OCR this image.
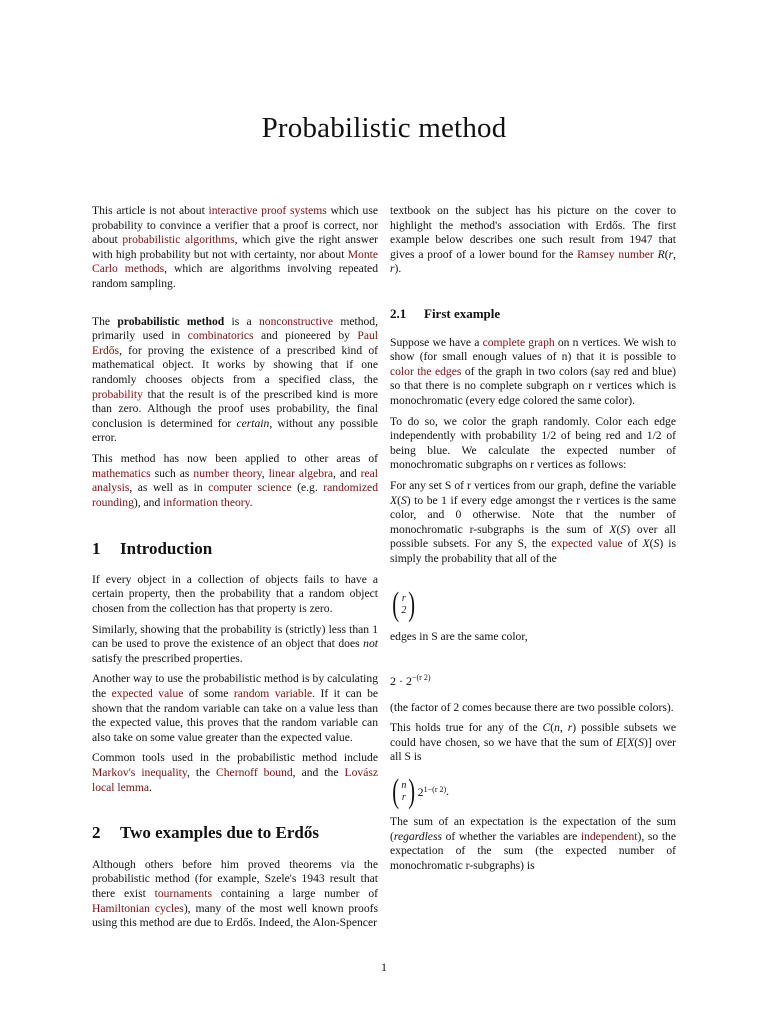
Probabilistic method

This article is not about interactive proof systems which use probability to convince a verifier that a proof is correct, nor about probabilistic algorithms, which give the right answer with high probability but not with certainty, nor about Monte Carlo methods, which are algorithms involving repeated random sampling.

The probabilistic method is a nonconstructive method, primarily used in combinatorics and pioneered by Paul Erdős, for proving the existence of a prescribed kind of mathematical object. It works by showing that if one randomly chooses objects from a specified class, the probability that the result is of the prescribed kind is more than zero. Although the proof uses probability, the final conclusion is determined for certain, without any possible error.

This method has now been applied to other areas of mathematics such as number theory, linear algebra, and real analysis, as well as in computer science (e.g. randomized rounding), and information theory.

1 Introduction

If every object in a collection of objects fails to have a certain property, then the probability that a random object chosen from the collection has that property is zero.

Similarly, showing that the probability is (strictly) less than 1 can be used to prove the existence of an object that does not satisfy the prescribed properties.

Another way to use the probabilistic method is by calculating the expected value of some random variable. If it can be shown that the random variable can take on a value less than the expected value, this proves that the random variable can also take on some value greater than the expected value.

Common tools used in the probabilistic method include Markov's inequality, the Chernoff bound, and the Lovász local lemma.

2 Two examples due to Erdős

Although others before him proved theorems via the probabilistic method (for example, Szele's 1943 result that there exist tournaments containing a large number of Hamiltonian cycles), many of the most well known proofs using this method are due to Erdős. Indeed, the Alon-Spencer

textbook on the subject has his picture on the cover to highlight the method's association with Erdős. The first example below describes one such result from 1947 that gives a proof of a lower bound for the Ramsey number R(r, r).

2.1 First example

Suppose we have a complete graph on n vertices. We wish to show (for small enough values of n) that it is possible to color the edges of the graph in two colors (say red and blue) so that there is no complete subgraph on r vertices which is monochromatic (every edge colored the same color).

To do so, we color the graph randomly. Color each edge independently with probability 1/2 of being red and 1/2 of being blue. We calculate the expected number of monochromatic subgraphs on r vertices as follows:

For any set S of r vertices from our graph, define the variable X(S) to be 1 if every edge amongst the r vertices is the same color, and 0 otherwise. Note that the number of monochromatic r-subgraphs is the sum of X(S) over all possible subsets. For any S, the expected value of X(S) is simply the probability that all of the

( r
2 )

edges in S are the same color,

$2 \cdot 2^{-(r 2)}$

(the factor of 2 comes because there are two possible colors).

This holds true for any of the C(n, r) possible subsets we could have chosen, so we have that the sum of E[X(S)] over all S is

( n
r ) 2 1−(r 2) .

The sum of an expectation is the expectation of the sum (regardless of whether the variables are independent), so the expectation of the sum (the expected number of monochromatic r-subgraphs) is

1
